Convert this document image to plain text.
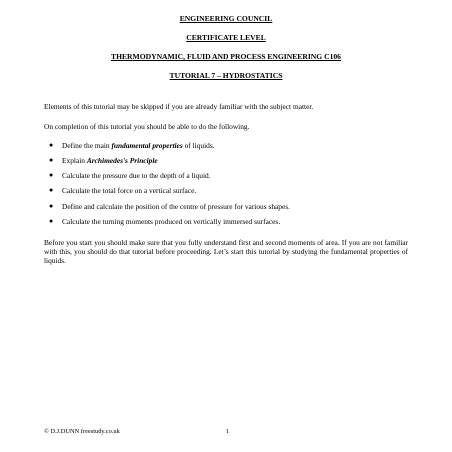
ENGINEERING COUNCIL
CERTIFICATE LEVEL
THERMODYNAMIC, FLUID AND PROCESS ENGINEERING C106
TUTORIAL 7 – HYDROSTATICS
Elements of this tutorial may be skipped if you are already familiar with the subject matter.
On completion of this tutorial you should be able to do the following.
● Define the main fundamental properties of liquids.
● Explain Archimedes's Principle
● Calculate the pressure due to the depth of a liquid.
● Calculate the total force on a vertical surface.
● Define and calculate the position of the centre of pressure for various shapes.
● Calculate the turning moments produced on vertically immersed surfaces.
Before you start you should make sure that you fully understand first and second moments of area. If you are not familiar with this, you should do that tutorial before proceeding. Let’s start this tutorial by studying the fundamental properties of liquids.
© D.J.DUNN freestudy.co.uk	1
